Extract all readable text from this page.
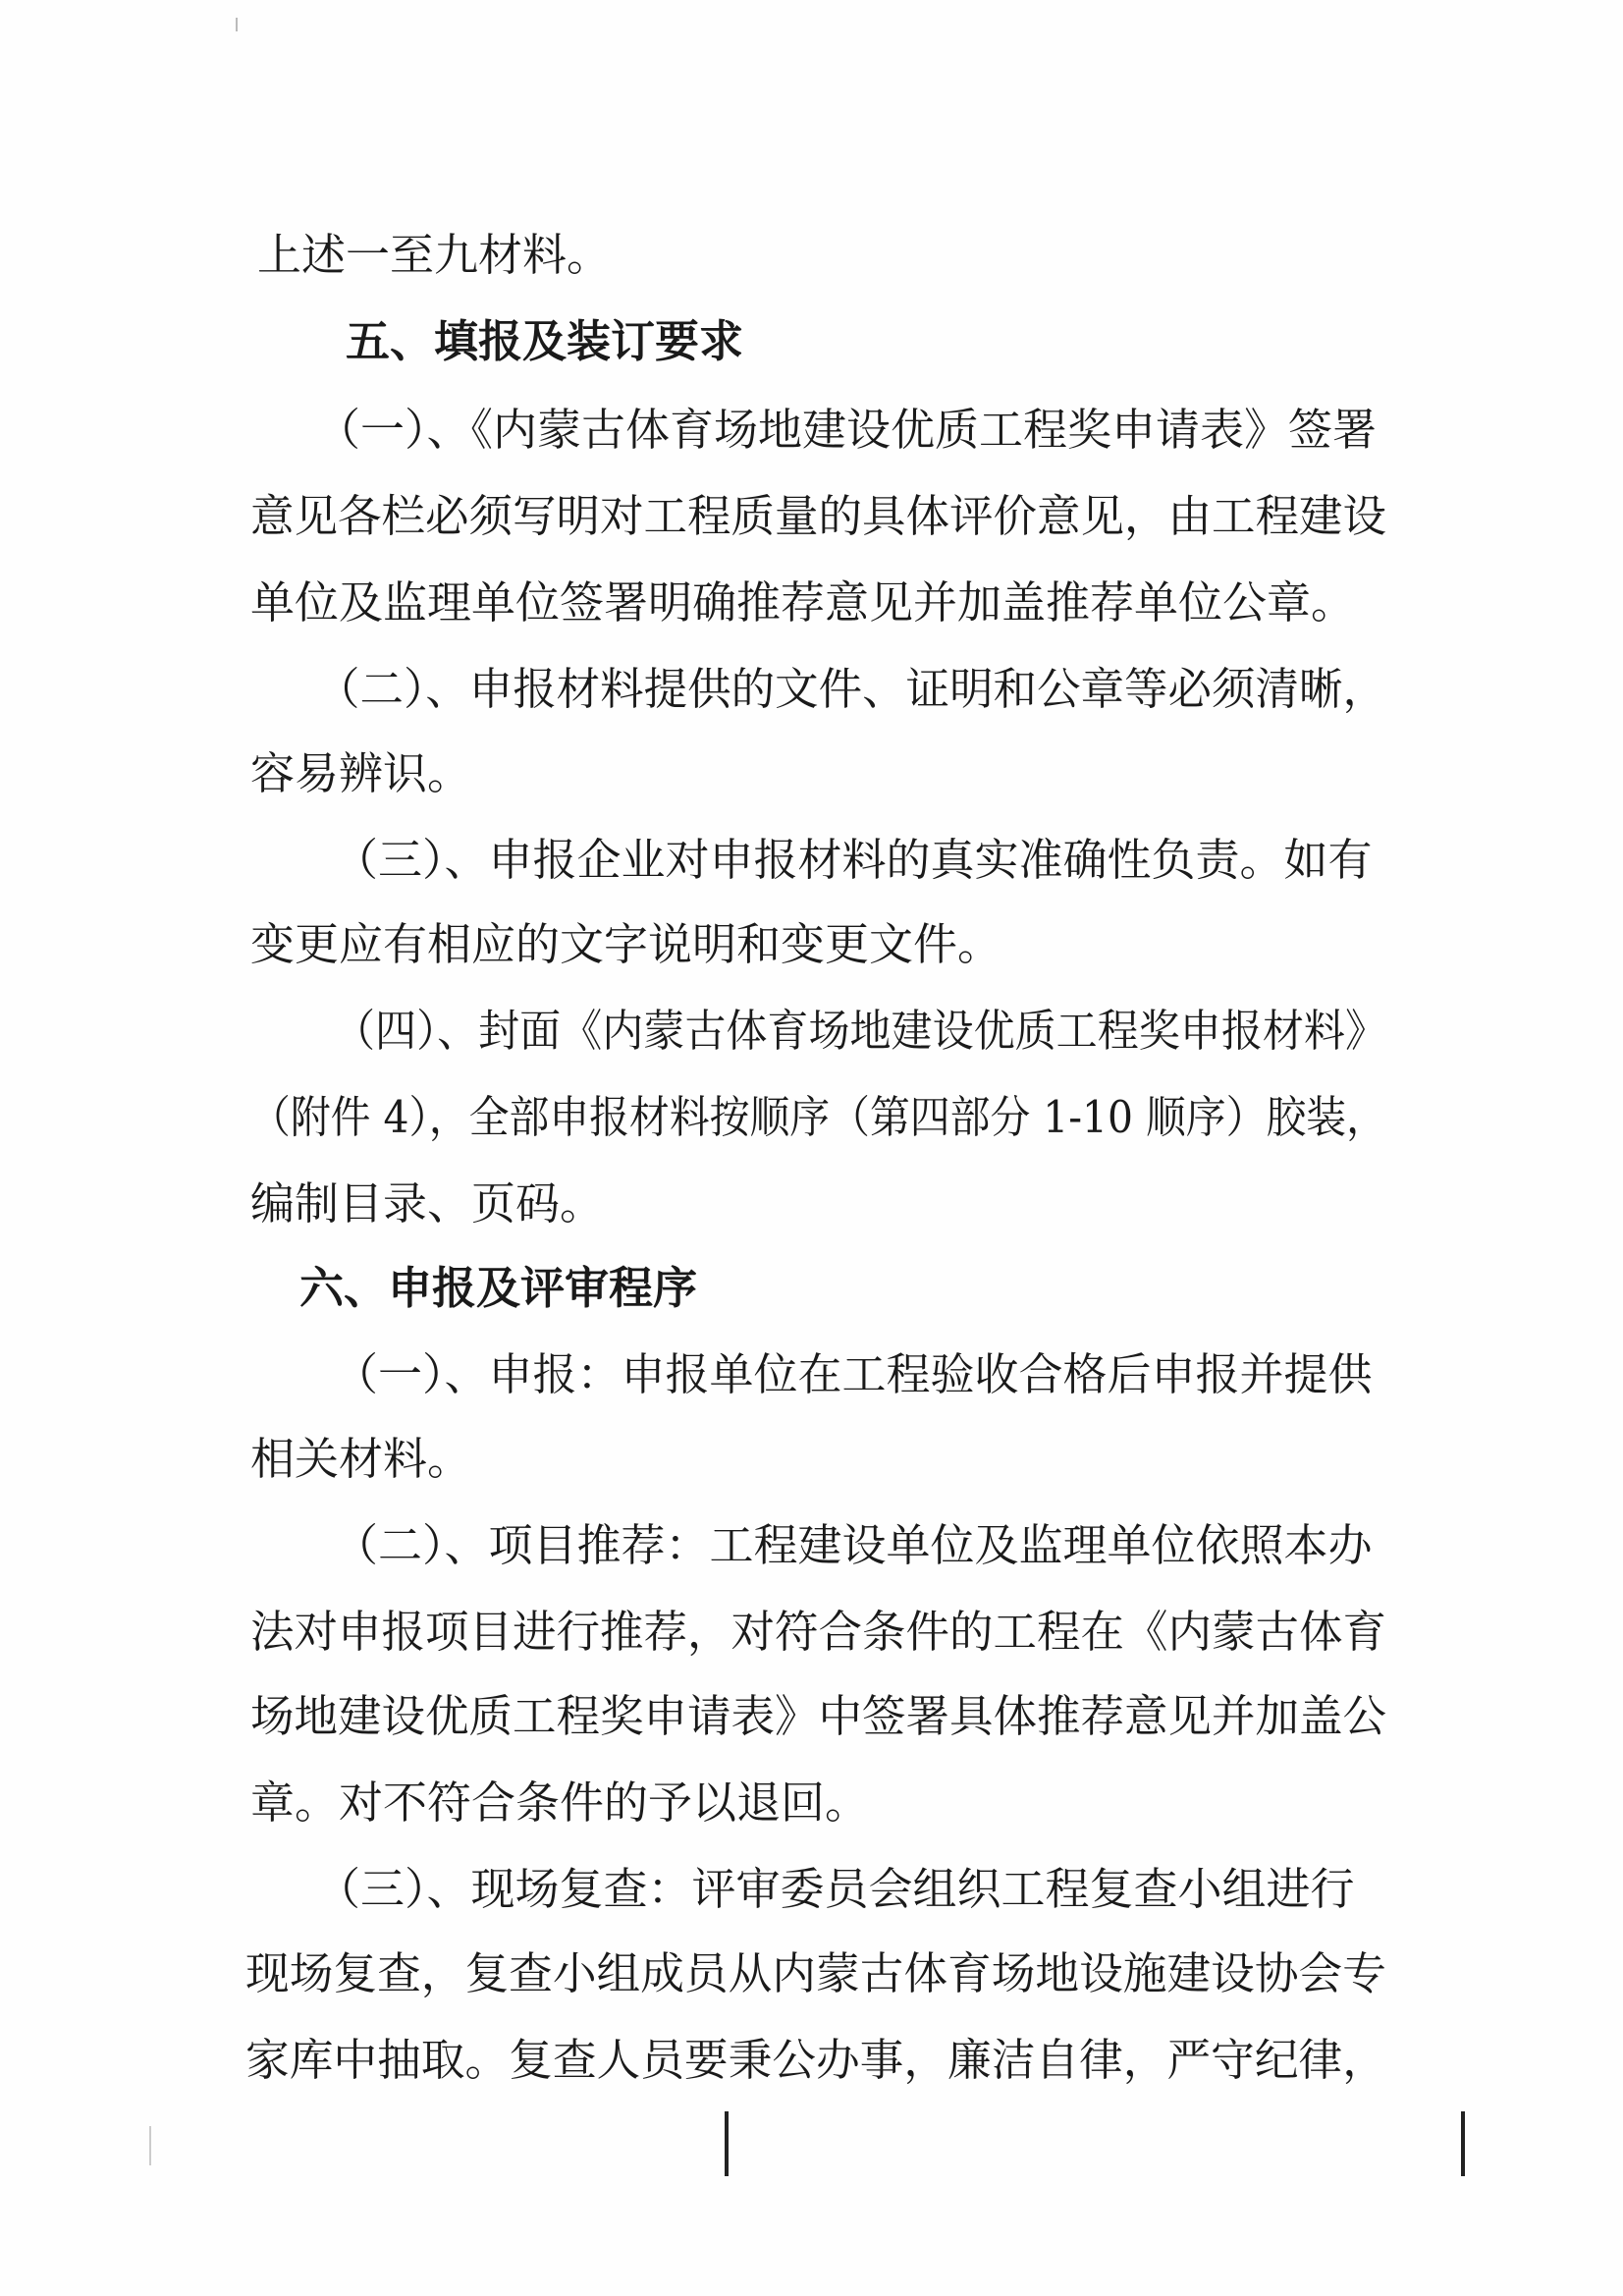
上述一至九材料。
五、填报及装订要求
（一）、《内蒙古体育场地建设优质工程奖申请表》签署
意见各栏必须写明对工程质量的具体评价意见，由工程建设
单位及监理单位签署明确推荐意见并加盖推荐单位公章。
（二）、申报材料提供的文件、证明和公章等必须清晰，
容易辨识。
（三）、申报企业对申报材料的真实准确性负责。如有
变更应有相应的文字说明和变更文件。
（四）、封面《内蒙古体育场地建设优质工程奖申报材料》
（附件 4），全部申报材料按顺序（第四部分 1-10 顺序）胶装，
编制目录、页码。
六、申报及评审程序
（一）、申报：申报单位在工程验收合格后申报并提供
相关材料。
（二）、项目推荐：工程建设单位及监理单位依照本办
法对申报项目进行推荐，对符合条件的工程在《内蒙古体育
场地建设优质工程奖申请表》中签署具体推荐意见并加盖公
章。对不符合条件的予以退回。
（三）、现场复查：评审委员会组织工程复查小组进行
现场复查，复查小组成员从内蒙古体育场地设施建设协会专
家库中抽取。复查人员要秉公办事，廉洁自律，严守纪律，
